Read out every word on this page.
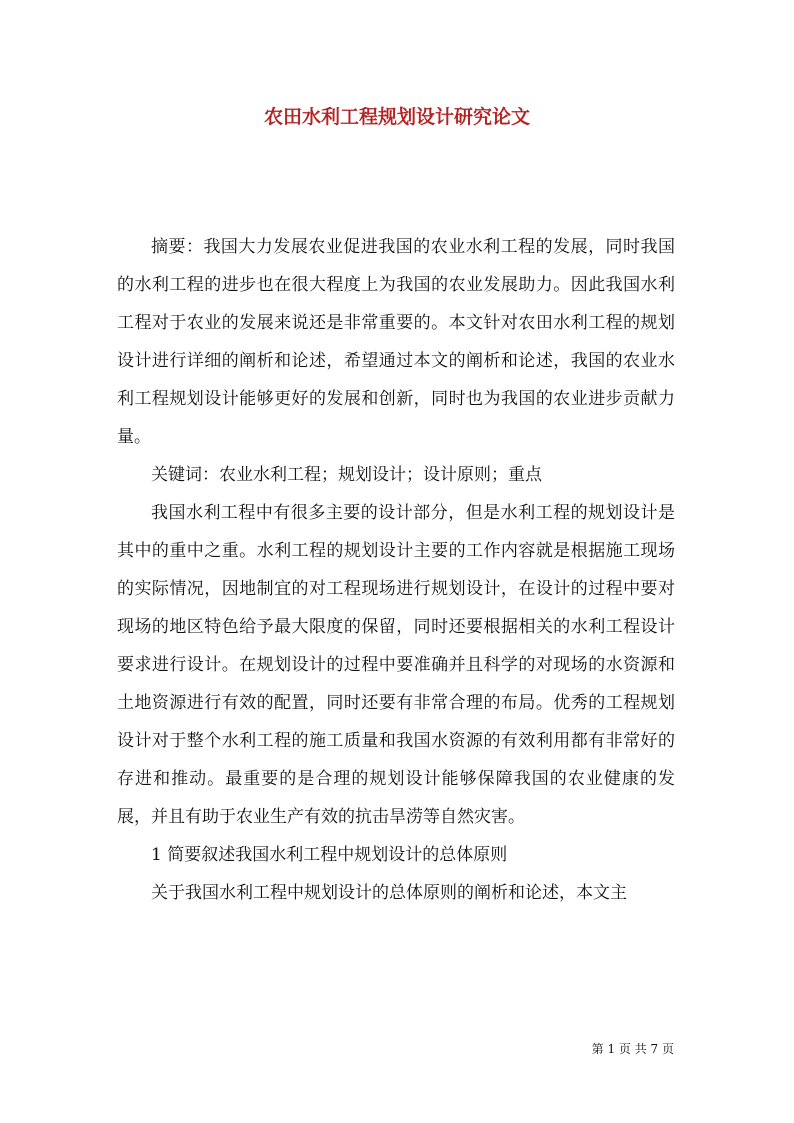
农田水利工程规划设计研究论文

摘要：我国大力发展农业促进我国的农业水利工程的发展，同时我国的水利工程的进步也在很大程度上为我国的农业发展助力。因此我国水利工程对于农业的发展来说还是非常重要的。本文针对农田水利工程的规划设计进行详细的阐析和论述，希望通过本文的阐析和论述，我国的农业水利工程规划设计能够更好的发展和创新，同时也为我国的农业进步贡献力量。

关键词：农业水利工程；规划设计；设计原则；重点

我国水利工程中有很多主要的设计部分，但是水利工程的规划设计是其中的重中之重。水利工程的规划设计主要的工作内容就是根据施工现场的实际情况，因地制宜的对工程现场进行规划设计，在设计的过程中要对现场的地区特色给予最大限度的保留，同时还要根据相关的水利工程设计要求进行设计。在规划设计的过程中要准确并且科学的对现场的水资源和土地资源进行有效的配置，同时还要有非常合理的布局。优秀的工程规划设计对于整个水利工程的施工质量和我国水资源的有效利用都有非常好的存进和推动。最重要的是合理的规划设计能够保障我国的农业健康的发展，并且有助于农业生产有效的抗击旱涝等自然灾害。

1 简要叙述我国水利工程中规划设计的总体原则

关于我国水利工程中规划设计的总体原则的阐析和论述，本文主

第 1 页 共 7 页
